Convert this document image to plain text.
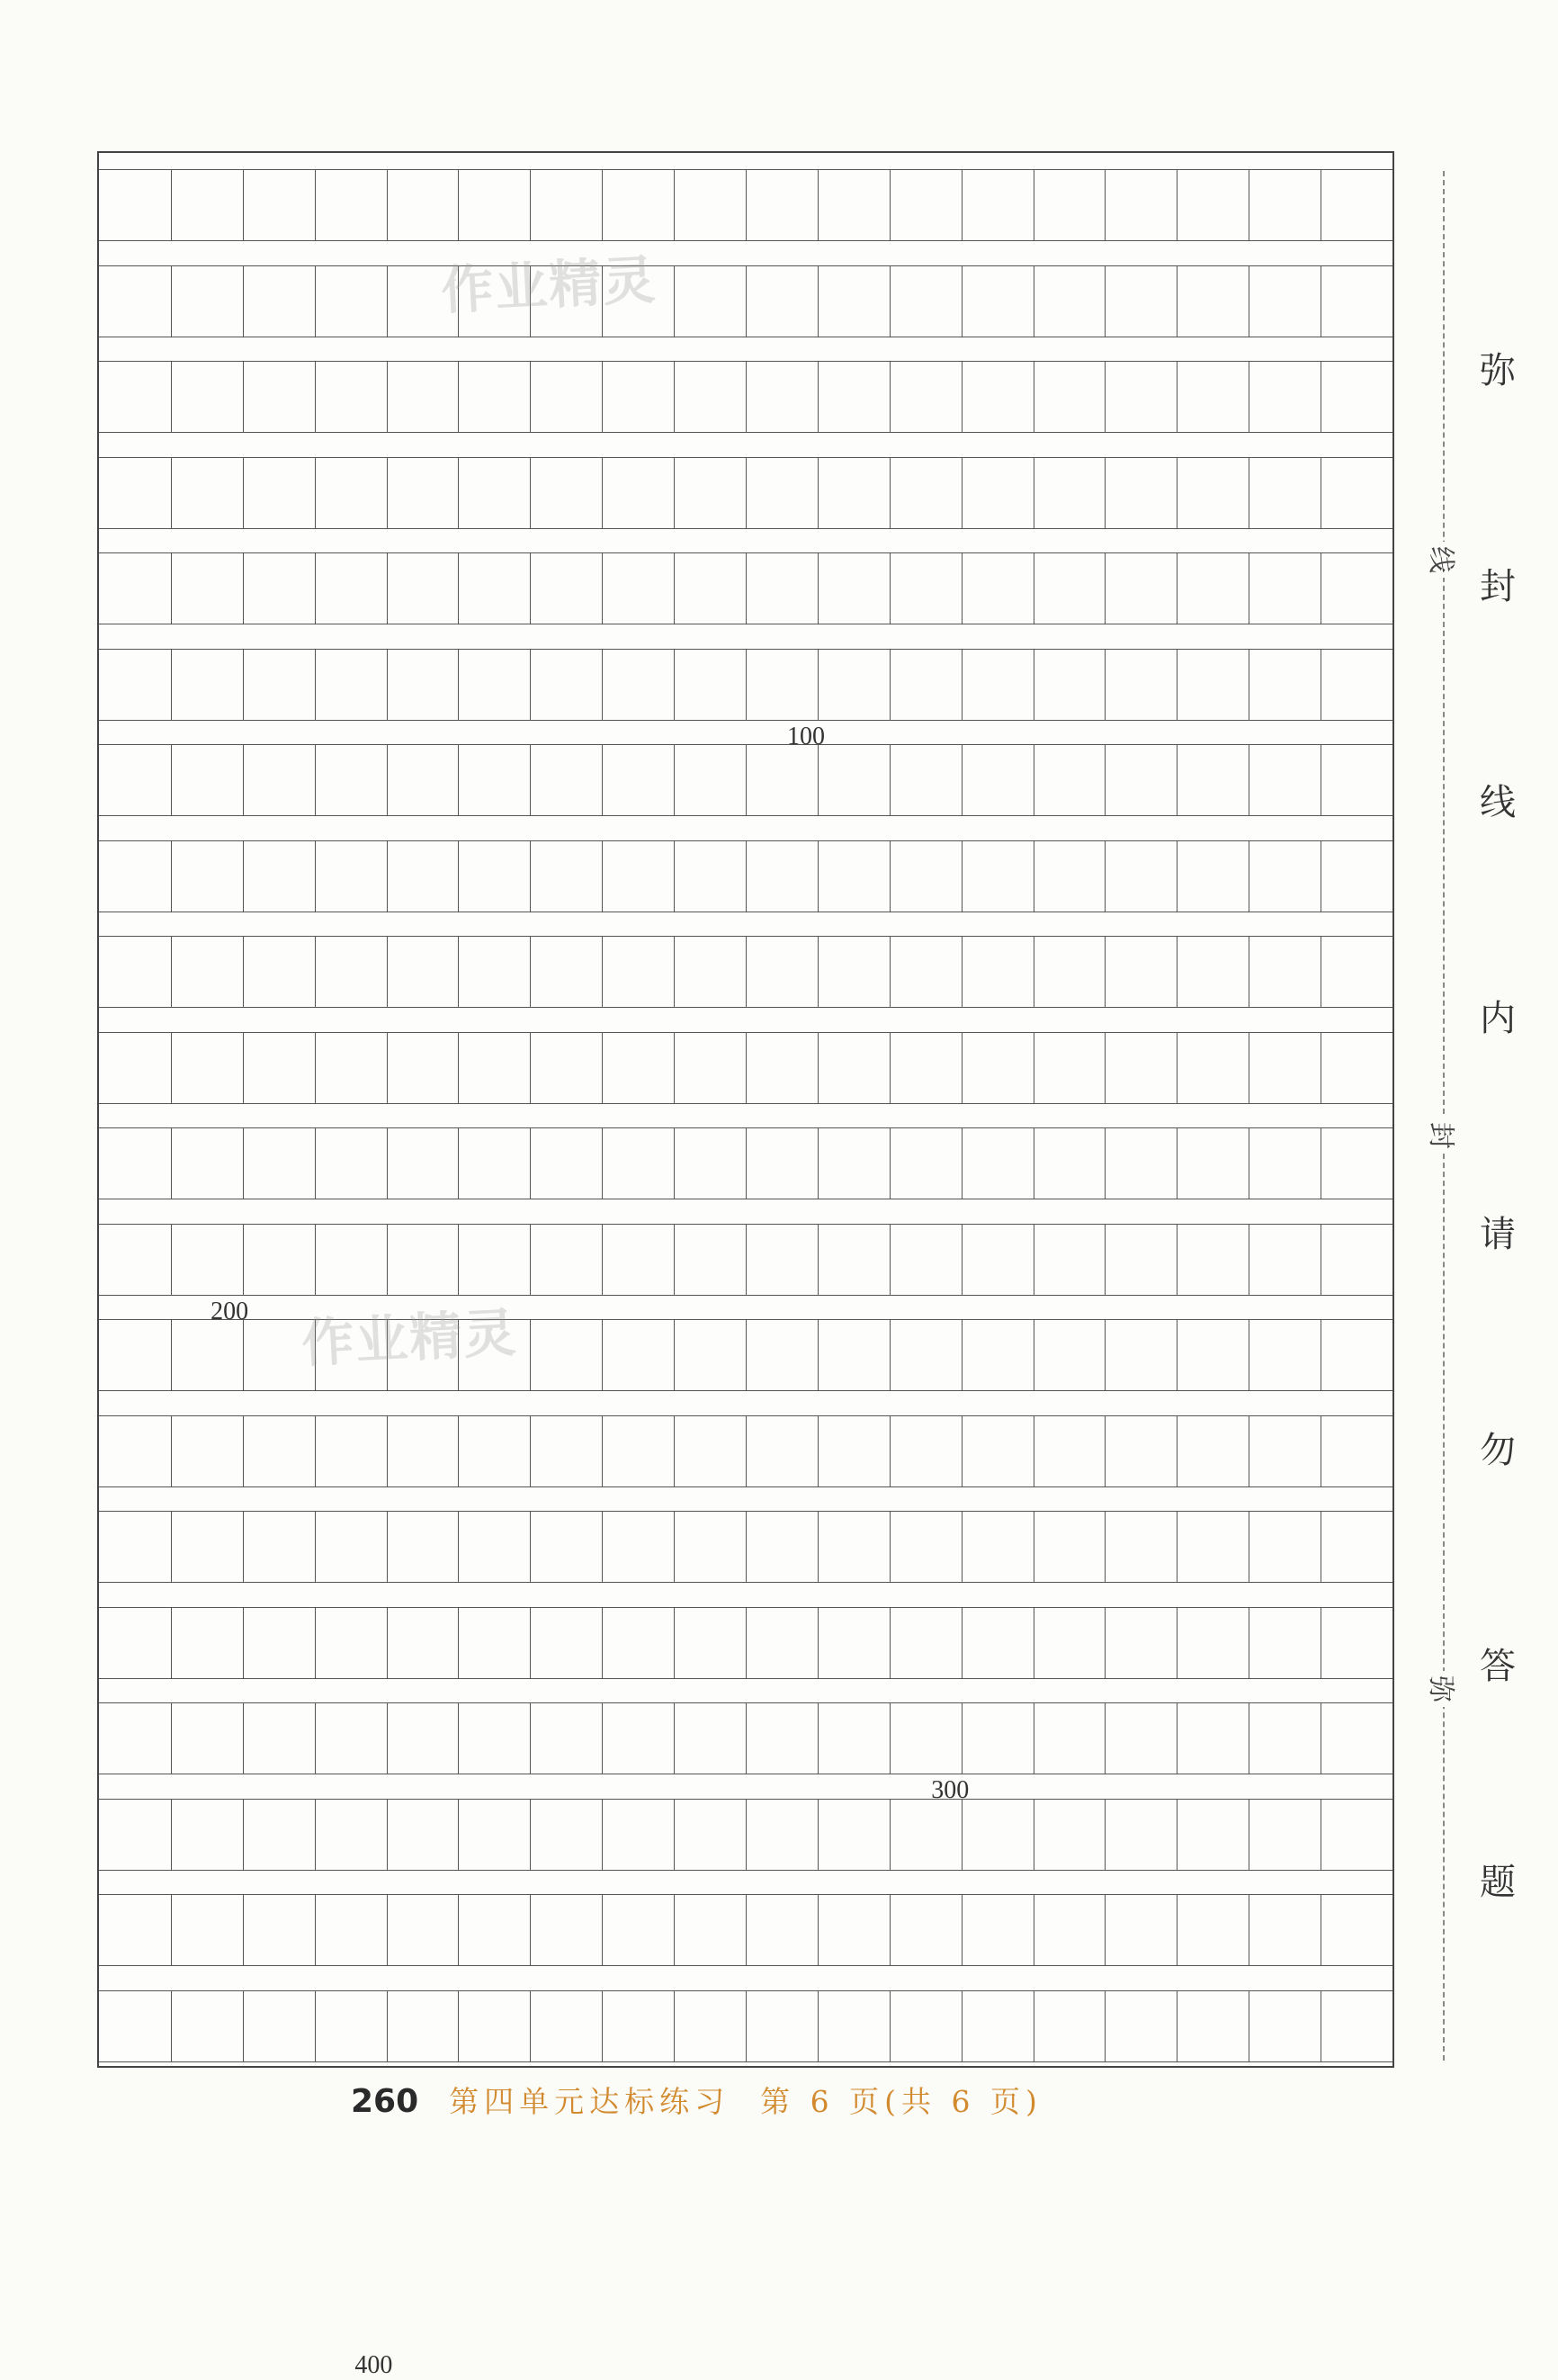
100
200
300
400
作业精灵
作业精灵
线
封
弥
弥
封
线
内
请
勿
答
题
260 第四单元达标练习 第 6 页(共 6 页)
